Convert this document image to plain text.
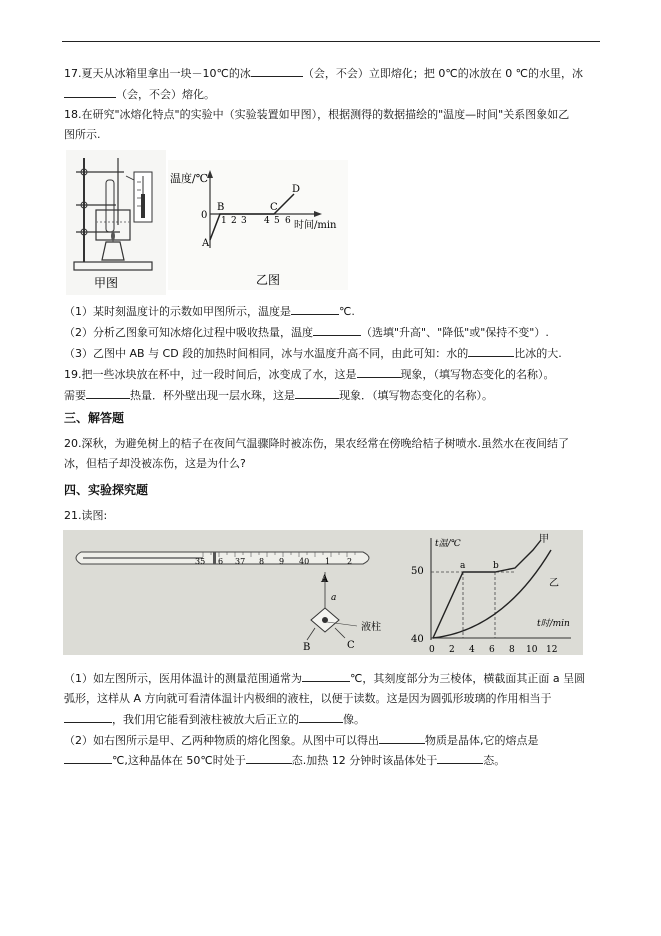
17.夏天从冰箱里拿出一块－10℃的冰	（会，不会）立即熔化；把 0℃的冰放在 0 ℃的水里，冰
（会，不会）熔化。
18.在研究"冰熔化特点"的实验中（实验装置如甲图），根据测得的数据描绘的"温度—时间"关系图象如乙
图所示.
甲图
温度/℃
0
时间/min
1 2 3 4 5 6
A
B	C
D
乙图
（1）某时刻温度计的示数如甲图所示，温度是	℃.
（2）分析乙图象可知冰熔化过程中吸收热量，温度	（选填"升高"、"降低"或"保持不变"）.
（3）乙图中 AB 与 CD 段的加热时间相同，冰与水温度升高不同，由此可知：水的	比冰的大.
19.把一些冰块放在杯中，过一段时间后，冰变成了水，这是	现象，（填写物态变化的名称）。
需要	热量．杯外壁出现一层水珠，这是	现象．（填写物态变化的名称）。
三、解答题
20.深秋，为避免树上的桔子在夜间气温骤降时被冻伤，果农经常在傍晚给桔子树喷水.虽然水在夜间结了
冰，但桔子却没被冻伤，这是为什么?
四、实验探究题
21.读图:
35 6 37 8 9 40 1 2
A
a
B	C
液柱
t温/℃
t时/min
50
40
0 2 4 6 8 10 12
a	b
甲
乙
（1）如左图所示，医用体温计的测量范围通常为	℃，其刻度部分为三棱体，横截面其正面 a 呈圆
弧形，这样从 A 方向就可看清体温计内极细的液柱，以便于读数。这是因为圆弧形玻璃的作用相当于
，我们用它能看到液柱被放大后正立的	像。
（2）如右图所示是甲、乙两种物质的熔化图象。从图中可以得出	物质是晶体,它的熔点是
℃,这种晶体在 50℃时处于	态.加热 12 分钟时该晶体处于	态。
